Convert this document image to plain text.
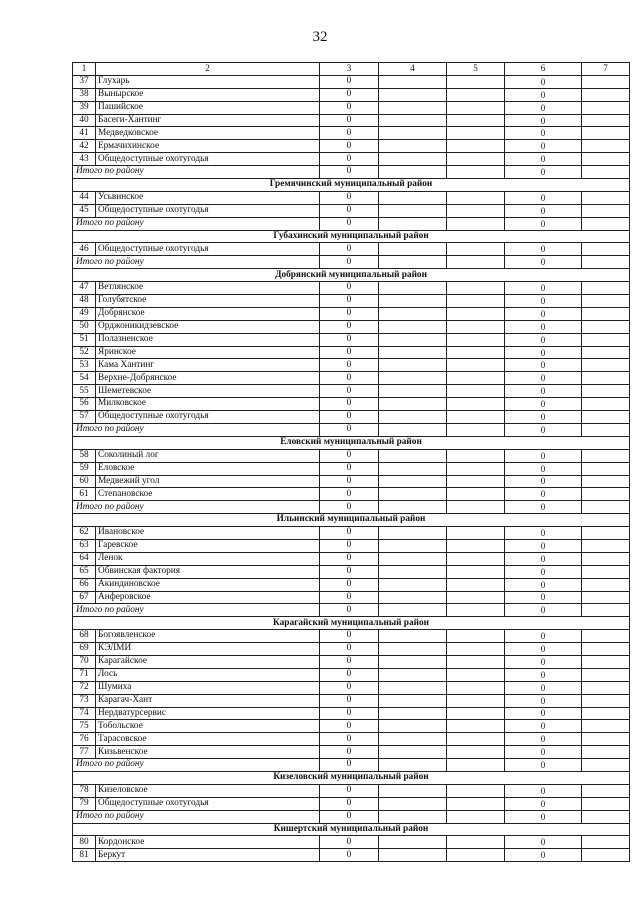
32
1	2	3	4	5	6	7
37	Глухарь	0			0	
38	Вынырское	0			0	
39	Пашийское	0			0	
40	Басеги-Хантинг	0			0	
41	Медведковское	0			0	
42	Ермачихинское	0			0	
43	Общедоступные охотугодья	0			0	
Итого по району		0			0	
Гремячинский муниципальный район						
44	Усьвинское	0			0	
45	Общедоступные охотугодья	0			0	
Итого по району		0			0	
Губахинский муниципальный район						
46	Общедоступные охотугодья	0			0	
Итого по району		0			0	
Добрянский муниципальный район						
47	Ветлянское	0			0	
48	Голубятское	0			0	
49	Добрянское	0			0	
50	Орджоникидзевское	0			0	
51	Полазненское	0			0	
52	Яринское	0			0	
53	Кама Хантинг	0			0	
54	Верхне-Добрянское	0			0	
55	Шеметевское	0			0	
56	Милковское	0			0	
57	Общедоступные охотугодья	0			0	
Итого по району		0			0	
Еловский муниципальный район						
58	Соколиный лог	0			0	
59	Еловское	0			0	
60	Медвежий угол	0			0	
61	Степановское	0			0	
Итого по району		0			0	
Ильинский муниципальный район						
62	Ивановское	0			0	
63	Гаревское	0			0	
64	Ленок	0			0	
65	Обвинская фактория	0			0	
66	Акиндиновское	0			0	
67	Анферовское	0			0	
Итого по району		0			0	
Карагайский муниципальный район						
68	Богоявленское	0			0	
69	КЭЛМИ	0			0	
70	Карагайское	0			0	
71	Лось	0			0	
72	Шумиха	0			0	
73	Карагач-Хант	0			0	
74	Нердватурсервис	0			0	
75	Тобольское	0			0	
76	Тарасовское	0			0	
77	Кизьвенское	0			0	
Итого по району		0			0	
Кизеловский муниципальный район						
78	Кизеловское	0			0	
79	Общедоступные охотугодья	0			0	
Итого по району		0			0	
Кишертский муниципальный район						
80	Кордонское	0			0	
81	Беркут	0			0	
